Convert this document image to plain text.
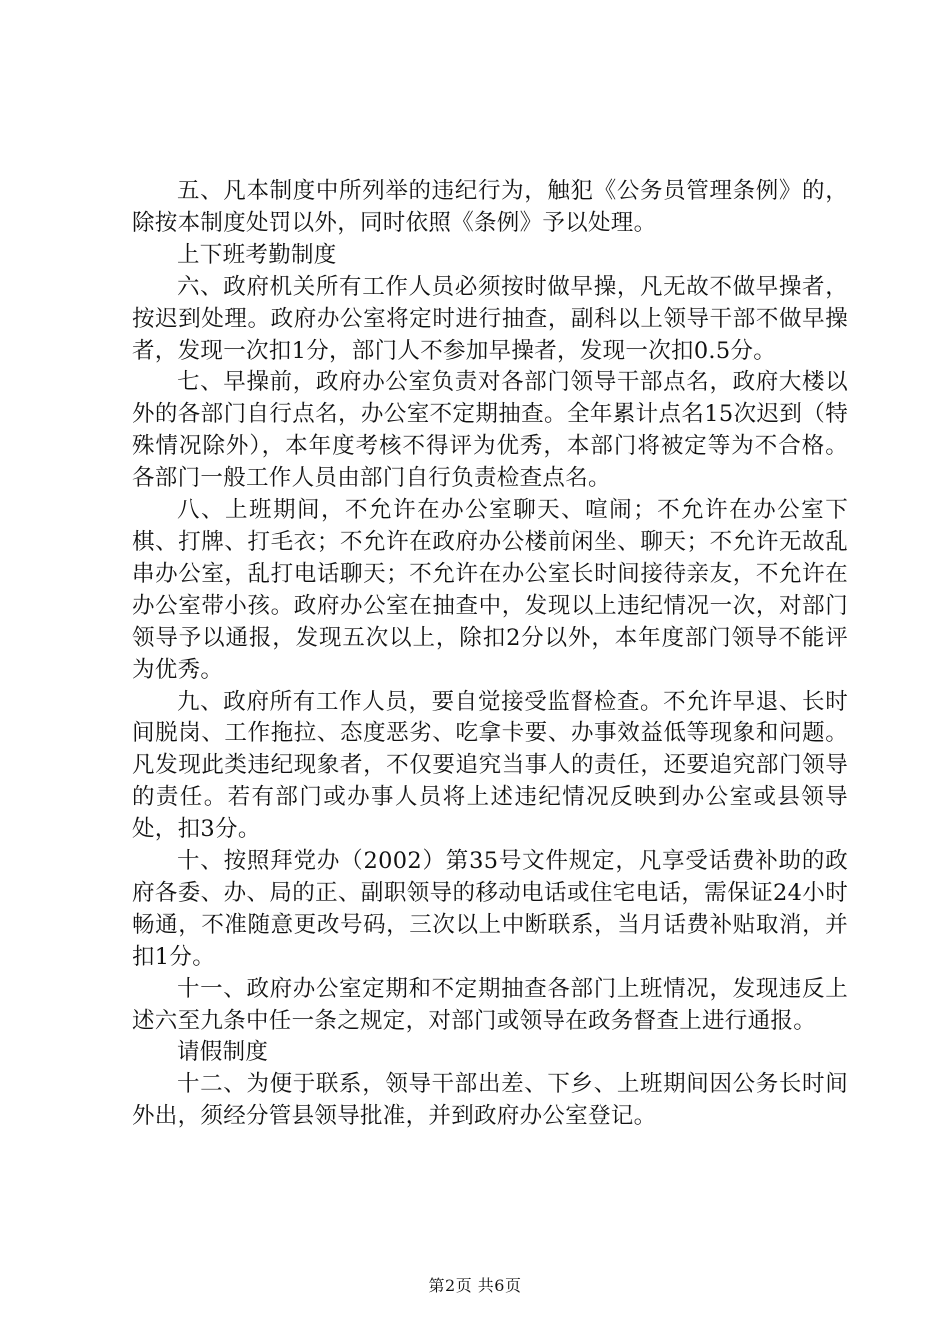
五、凡本制度中所列举的违纪行为，触犯《公务员管理条例》的，除按本制度处罚以外，同时依照《条例》予以处理。

上下班考勤制度

六、政府机关所有工作人员必须按时做早操，凡无故不做早操者，按迟到处理。政府办公室将定时进行抽查，副科以上领导干部不做早操者，发现一次扣1分，部门人不参加早操者，发现一次扣0.5分。

七、早操前，政府办公室负责对各部门领导干部点名，政府大楼以外的各部门自行点名，办公室不定期抽查。全年累计点名15次迟到（特殊情况除外），本年度考核不得评为优秀，本部门将被定等为不合格。各部门一般工作人员由部门自行负责检查点名。

八、上班期间，不允许在办公室聊天、喧闹；不允许在办公室下棋、打牌、打毛衣；不允许在政府办公楼前闲坐、聊天；不允许无故乱串办公室，乱打电话聊天；不允许在办公室长时间接待亲友，不允许在办公室带小孩。政府办公室在抽查中，发现以上违纪情况一次，对部门领导予以通报，发现五次以上，除扣2分以外，本年度部门领导不能评为优秀。

九、政府所有工作人员，要自觉接受监督检查。不允许早退、长时间脱岗、工作拖拉、态度恶劣、吃拿卡要、办事效益低等现象和问题。凡发现此类违纪现象者，不仅要追究当事人的责任，还要追究部门领导的责任。若有部门或办事人员将上述违纪情况反映到办公室或县领导处，扣3分。

十、按照拜党办（2002）第35号文件规定，凡享受话费补助的政府各委、办、局的正、副职领导的移动电话或住宅电话，需保证24小时畅通，不准随意更改号码，三次以上中断联系，当月话费补贴取消，并扣1分。

十一、政府办公室定期和不定期抽查各部门上班情况，发现违反上述六至九条中任一条之规定，对部门或领导在政务督查上进行通报。

请假制度

十二、为便于联系，领导干部出差、下乡、上班期间因公务长时间外出，须经分管县领导批准，并到政府办公室登记。

第2页 共6页
